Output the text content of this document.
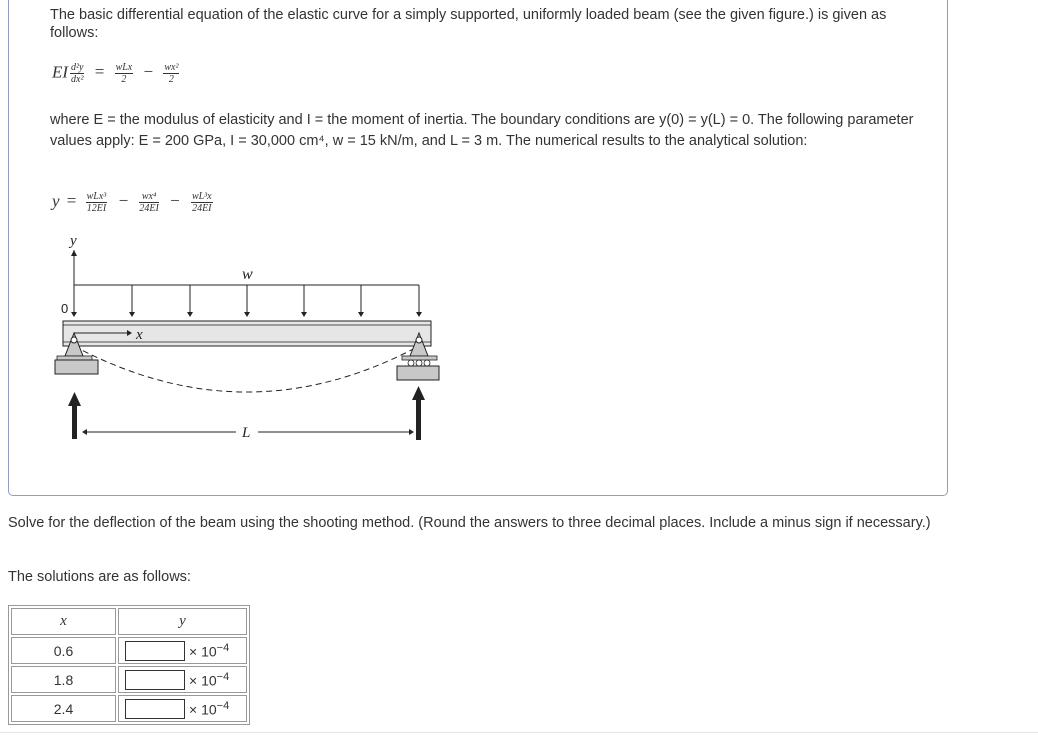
The basic differential equation of the elastic curve for a simply supported, uniformly loaded beam (see the given figure.) is given as follows:
EI $\frac{\text{d²y}}{\text{dx²}} = \frac{\text{wLx}}{2} - \frac{\text{wx²}}{2}$
where E = the modulus of elasticity and I = the moment of inertia. The boundary conditions are y(0) = y(L) = 0. The following parameter values apply: E = 200 GPa, I = 30,000 cm⁴, w = 15 kN/m, and L = 3 m. The numerical results to the analytical solution:
$y = \frac{\text{wLx³}}{12EI} - \frac{\text{wx⁴}}{24EI} - \frac{\text{wL³x}}{24EI}$
y
0
w
x
L
Solve for the deflection of the beam using the shooting method. (Round the answers to three decimal places. Include a minus sign if necessary.)
The solutions are as follows:
x	y
0.6	× $10^{-4}$
1.8	× $10^{-4}$
2.4	× $10^{-4}$
